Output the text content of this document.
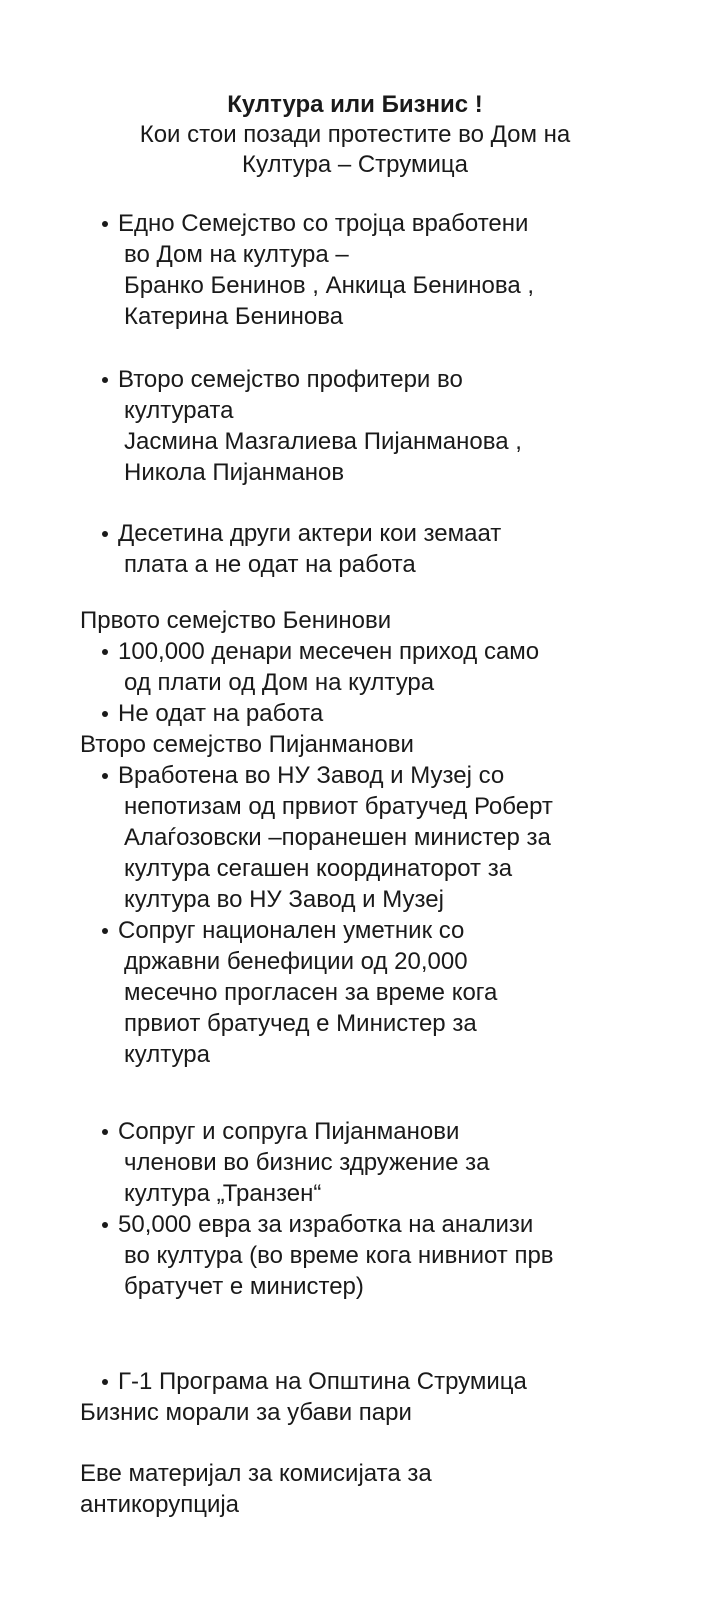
Култура или Бизнис !
Кои стои позади протестите во Дом на
Култура – Струмица
Едно Семејство со тројца вработени
во Дом на култура –
Бранко Бенинов , Анкица Бенинова ,
Катерина Бенинова
Второ семејство профитери во
културата
Јасмина Мазгалиева Пијанманова ,
Никола Пијанманов
Десетина други актери кои земаат
плата а не одат на работа
Првото семејство Бенинови
100,000 денари месечен приход само
од плати од Дом на култура
Не одат на работа
Второ семејство Пијанманови
Вработена во НУ Завод и Музеј со
непотизам од првиот братучед Роберт
Алаѓозовски –поранешен министер за
култура сегашен координаторот за
култура во НУ Завод и Музеј
Сопруг национален уметник со
државни бенефиции од 20,000
месечно прогласен за време кога
првиот братучед е Министер за
култура
Сопруг и сопруга Пијанманови
членови во бизнис здружение за
култура „Транзен“
50,000 евра за изработка на анализи
во култура (во време кога нивниот прв
братучет е министер)
Г-1 Програма на Општина Струмица
Бизнис морали за убави пари
Еве материјал за комисијата за
антикорупција
